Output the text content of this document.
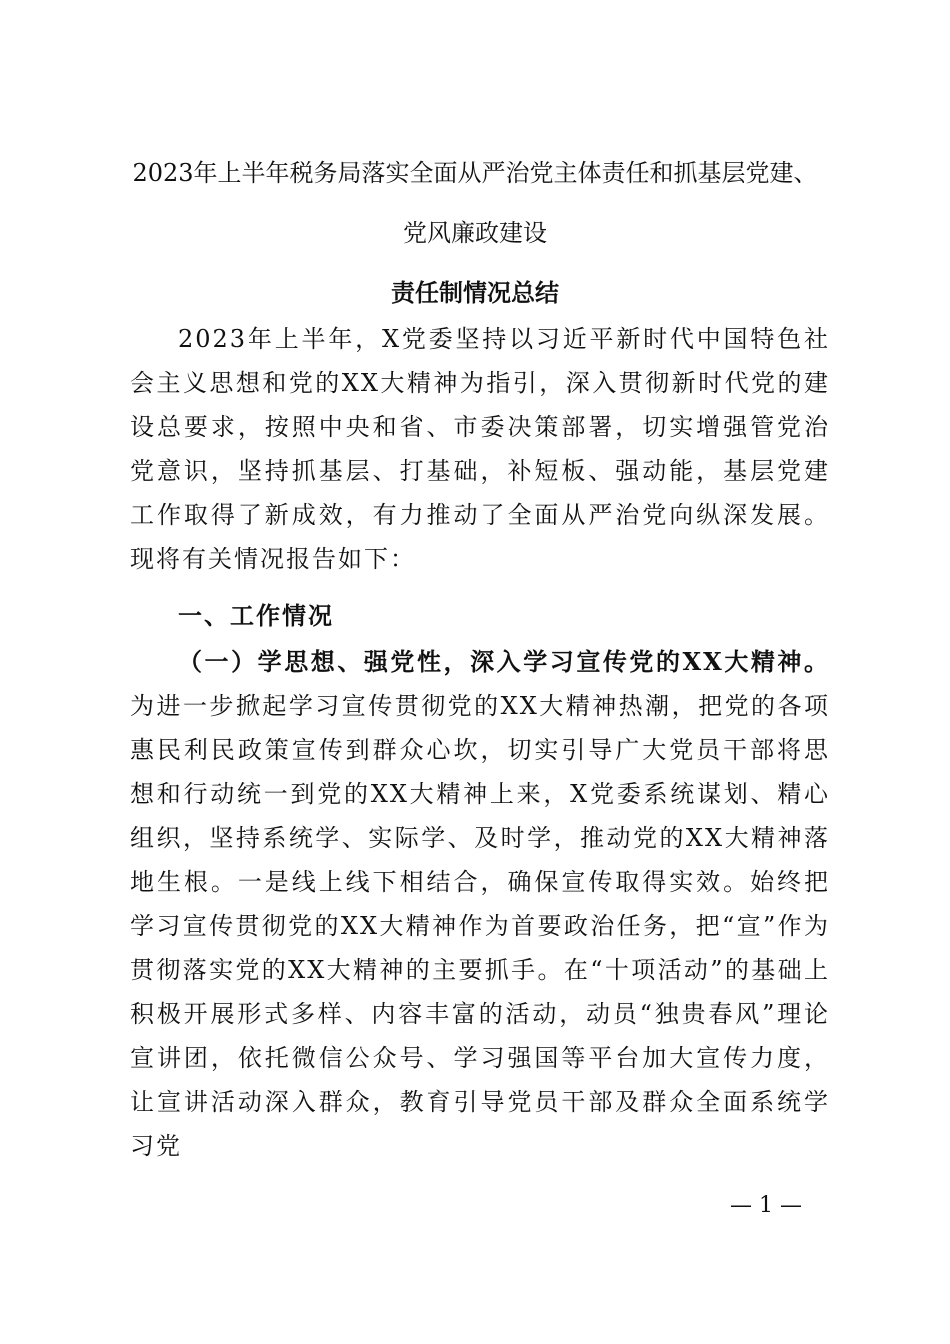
2023年上半年税务局落实全面从严治党主体责任和抓基层党建、
党风廉政建设
责任制情况总结
2023年上半年，X党委坚持以习近平新时代中国特色社会主义思想和党的XX大精神为指引，深入贯彻新时代党的建设总要求，按照中央和省、市委决策部署，切实增强管党治党意识，坚持抓基层、打基础，补短板、强动能，基层党建工作取得了新成效，有力推动了全面从严治党向纵深发展。现将有关情况报告如下：
一、工作情况
（一）学思想、强党性，深入学习宣传党的XX大精神。为进一步掀起学习宣传贯彻党的XX大精神热潮，把党的各项惠民利民政策宣传到群众心坎，切实引导广大党员干部将思想和行动统一到党的XX大精神上来，X党委系统谋划、精心组织，坚持系统学、实际学、及时学，推动党的XX大精神落地生根。一是线上线下相结合，确保宣传取得实效。始终把学习宣传贯彻党的XX大精神作为首要政治任务，把“宣”作为贯彻落实党的XX大精神的主要抓手。在“十项活动”的基础上积极开展形式多样、内容丰富的活动，动员“独贵春风”理论宣讲团，依托微信公众号、学习强国等平台加大宣传力度，让宣讲活动深入群众，教育引导党员干部及群众全面系统学习党
— 1 —
